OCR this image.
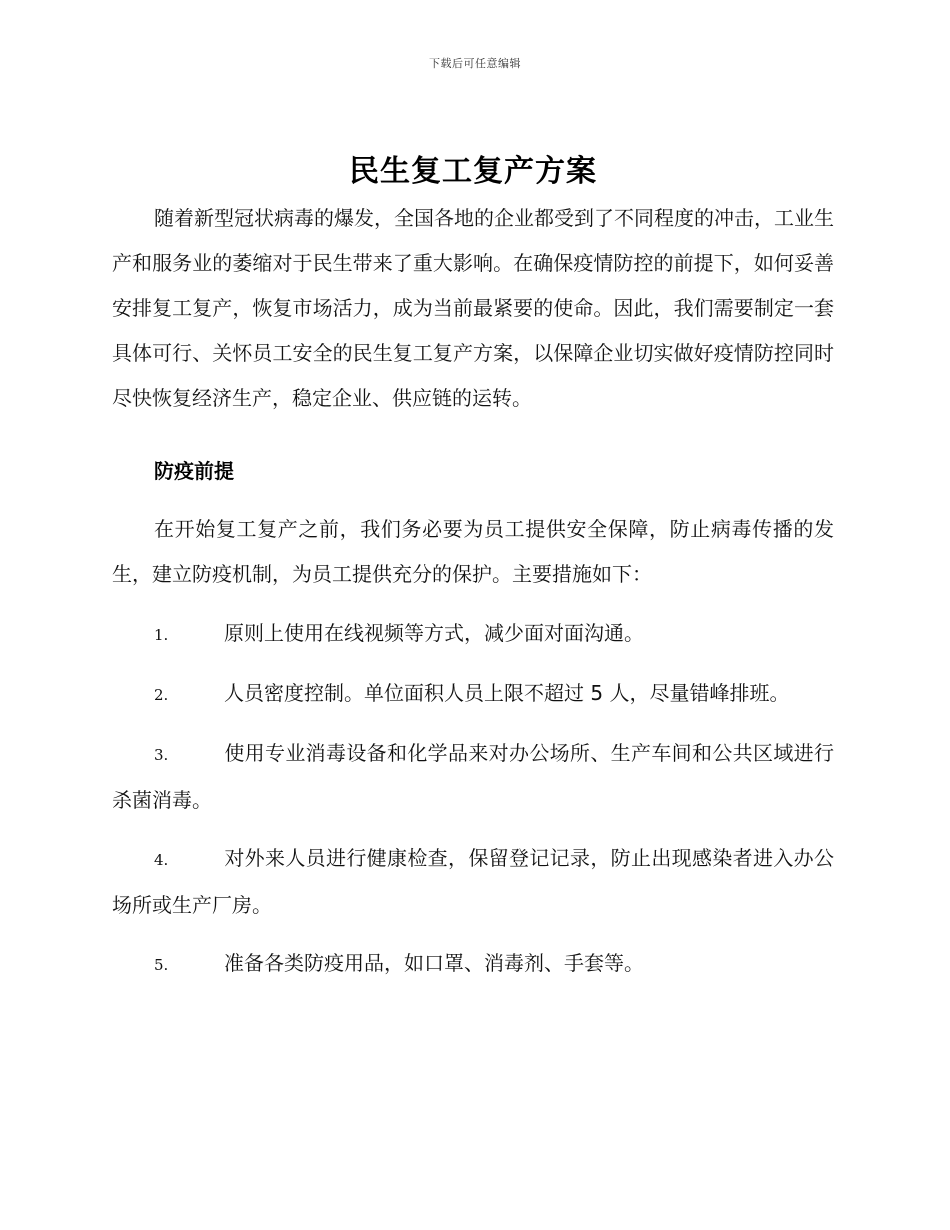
下载后可任意编辑
民生复工复产方案

随着新型冠状病毒的爆发，全国各地的企业都受到了不同程度的冲击，工业生产和服务业的萎缩对于民生带来了重大影响。在确保疫情防控的前提下，如何妥善安排复工复产，恢复市场活力，成为当前最紧要的使命。因此，我们需要制定一套具体可行、关怀员工安全的民生复工复产方案，以保障企业切实做好疫情防控同时尽快恢复经济生产，稳定企业、供应链的运转。

防疫前提

在开始复工复产之前，我们务必要为员工提供安全保障，防止病毒传播的发生，建立防疫机制，为员工提供充分的保护。主要措施如下：

1.	原则上使用在线视频等方式，减少面对面沟通。
2.	人员密度控制。单位面积人员上限不超过 5 人，尽量错峰排班。
3.	使用专业消毒设备和化学品来对办公场所、生产车间和公共区域进行杀菌消毒。
4.	对外来人员进行健康检查，保留登记记录，防止出现感染者进入办公场所或生产厂房。
5.	准备各类防疫用品，如口罩、消毒剂、手套等。
